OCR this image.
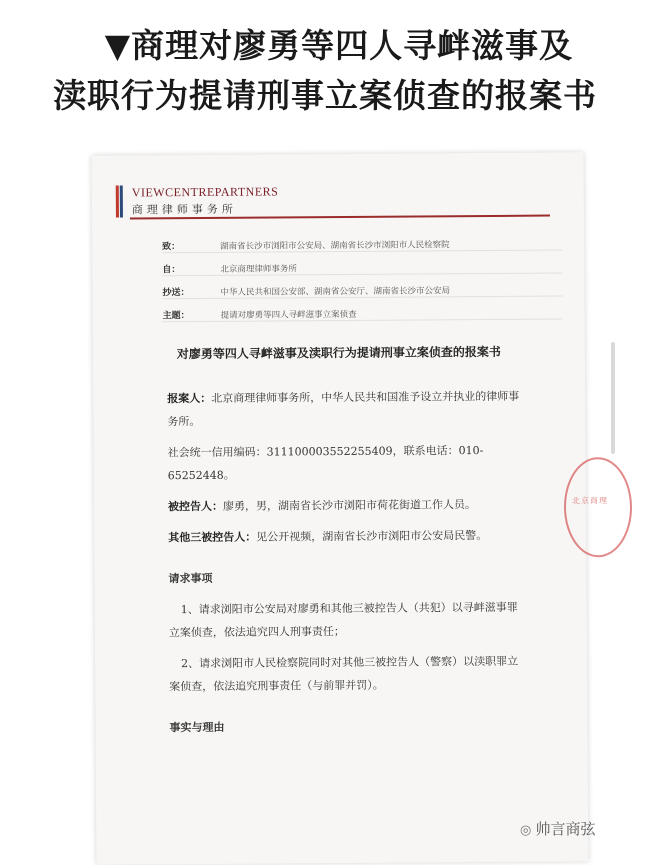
▼商理对廖勇等四人寻衅滋事及
渎职行为提请刑事立案侦查的报案书
VIEWCENTREPARTNERS
商理律师事务所
致：	湖南省长沙市浏阳市公安局、湖南省长沙市浏阳市人民检察院
自：	北京商理律师事务所
抄送：	中华人民共和国公安部、湖南省公安厅、湖南省长沙市公安局
主题：	提请对廖勇等四人寻衅滋事立案侦查
对廖勇等四人寻衅滋事及渎职行为提请刑事立案侦查的报案书

报案人：北京商理律师事务所，中华人民共和国准予设立并执业的律师事务所。

社会统一信用编码：311100003552255409，联系电话：010-65252448。

被控告人：廖勇，男，湖南省长沙市浏阳市荷花街道工作人员。

其他三被控告人：见公开视频，湖南省长沙市浏阳市公安局民警。

请求事项

1、请求浏阳市公安局对廖勇和其他三被控告人（共犯）以寻衅滋事罪立案侦查，依法追究四人刑事责任；

2、请求浏阳市人民检察院同时对其他三被控告人（警察）以渎职罪立案侦查，依法追究刑事责任（与前罪并罚）。

事实与理由

北京商理

◎ 帅言商弦
